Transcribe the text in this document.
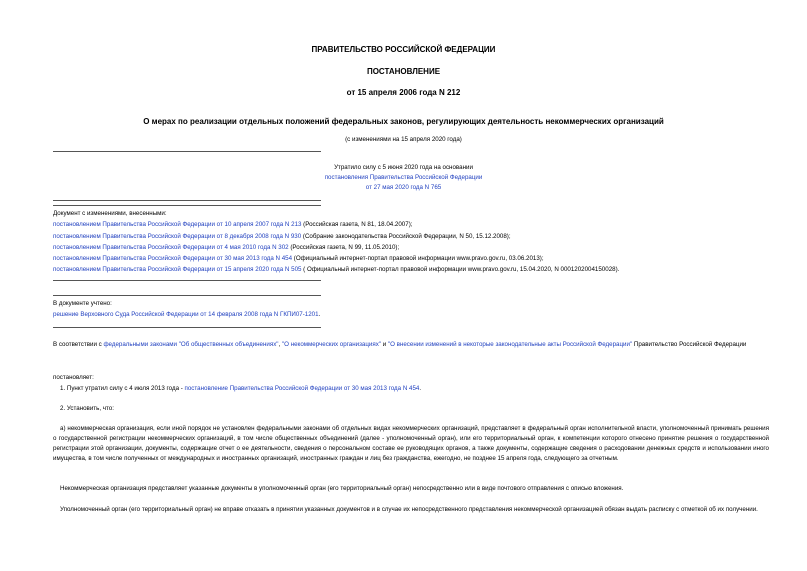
ПРАВИТЕЛЬСТВО РОССИЙСКОЙ ФЕДЕРАЦИИ
ПОСТАНОВЛЕНИЕ
от 15 апреля 2006 года N 212
О мерах по реализации отдельных положений федеральных законов, регулирующих деятельность некоммерческих организаций
(с изменениями на 15 апреля 2020 года)
Утратило силу с 5 июня 2020 года на основании
постановления Правительства Российской Федерации
от 27 мая 2020 года N 765
Документ с изменениями, внесенными:
постановлением Правительства Российской Федерации от 10 апреля 2007 года N 213 (Российская газета, N 81, 18.04.2007);
постановлением Правительства Российской Федерации от 8 декабря 2008 года N 930 (Собрание законодательства Российской Федерации, N 50, 15.12.2008);
постановлением Правительства Российской Федерации от 4 мая 2010 года N 302 (Российская газета, N 99, 11.05.2010);
постановлением Правительства Российской Федерации от 30 мая 2013 года N 454 (Официальный интернет-портал правовой информации www.pravo.gov.ru, 03.06.2013);
постановлением Правительства Российской Федерации от 15 апреля 2020 года N 505 ( Официальный интернет-портал правовой информации www.pravo.gov.ru, 15.04.2020, N 0001202004150028).
В документе учтено:
решение Верховного Суда Российской Федерации от 14 февраля 2008 года N ГКПИ07-1201.
В соответствии с федеральными законами "Об общественных объединениях", "О некоммерческих организациях" и "О внесении изменений в некоторые законодательные акты Российской Федерации" Правительство Российской Федерации
постановляет:
1. Пункт утратил силу с 4 июля 2013 года - постановление Правительства Российской Федерации от 30 мая 2013 года N 454.
2. Установить, что:
а) некоммерческая организация, если иной порядок не установлен федеральными законами об отдельных видах некоммерческих организаций, представляет в федеральный орган исполнительной власти, уполномоченный принимать решения о государственной регистрации некоммерческих организаций, в том числе общественных объединений (далее - уполномоченный орган), или его территориальный орган, к компетенции которого отнесено принятие решения о государственной регистрации этой организации, документы, содержащие отчет о ее деятельности, сведения о персональном составе ее руководящих органов, а также документы, содержащие сведения о расходовании денежных средств и использовании иного имущества, в том числе полученных от международных и иностранных организаций, иностранных граждан и лиц без гражданства, ежегодно, не позднее 15 апреля года, следующего за отчетным.
Некоммерческая организация представляет указанные документы в уполномоченный орган (его территориальный орган) непосредственно или в виде почтового отправления с описью вложения.
Уполномоченный орган (его территориальный орган) не вправе отказать в принятии указанных документов и в случае их непосредственного представления некоммерческой организацией обязан выдать расписку с отметкой об их получении.
